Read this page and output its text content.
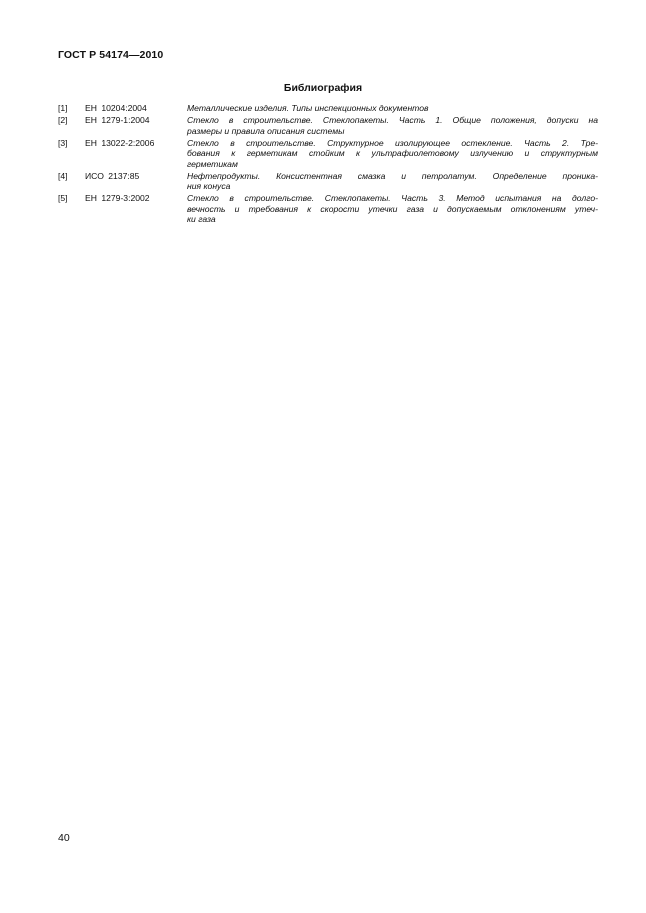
ГОСТ Р 54174—2010
Библиография
[1]	ЕН 10204:2004	Металлические изделия. Типы инспекционных документов
[2]	ЕН 1279-1:2004	Стекло в строительстве. Стеклопакеты. Часть 1. Общие положения, допуски на
размеры и правила описания системы
[3]	ЕН 13022-2:2006	Стекло в строительстве. Структурное изолирующее остекление. Часть 2. Тре-
бования к герметикам стойким к ультрафиолетовому излучению и структурным
герметикам
[4]	ИСО 2137:85	Нефтепродукты. Консистентная смазка и петролатум. Определение проника-
ния конуса
[5]	ЕН 1279-3:2002	Стекло в строительстве. Стеклопакеты. Часть 3. Метод испытания на долго-
вечность и требования к скорости утечки газа и допускаемым отклонениям утеч-
ки газа
40
